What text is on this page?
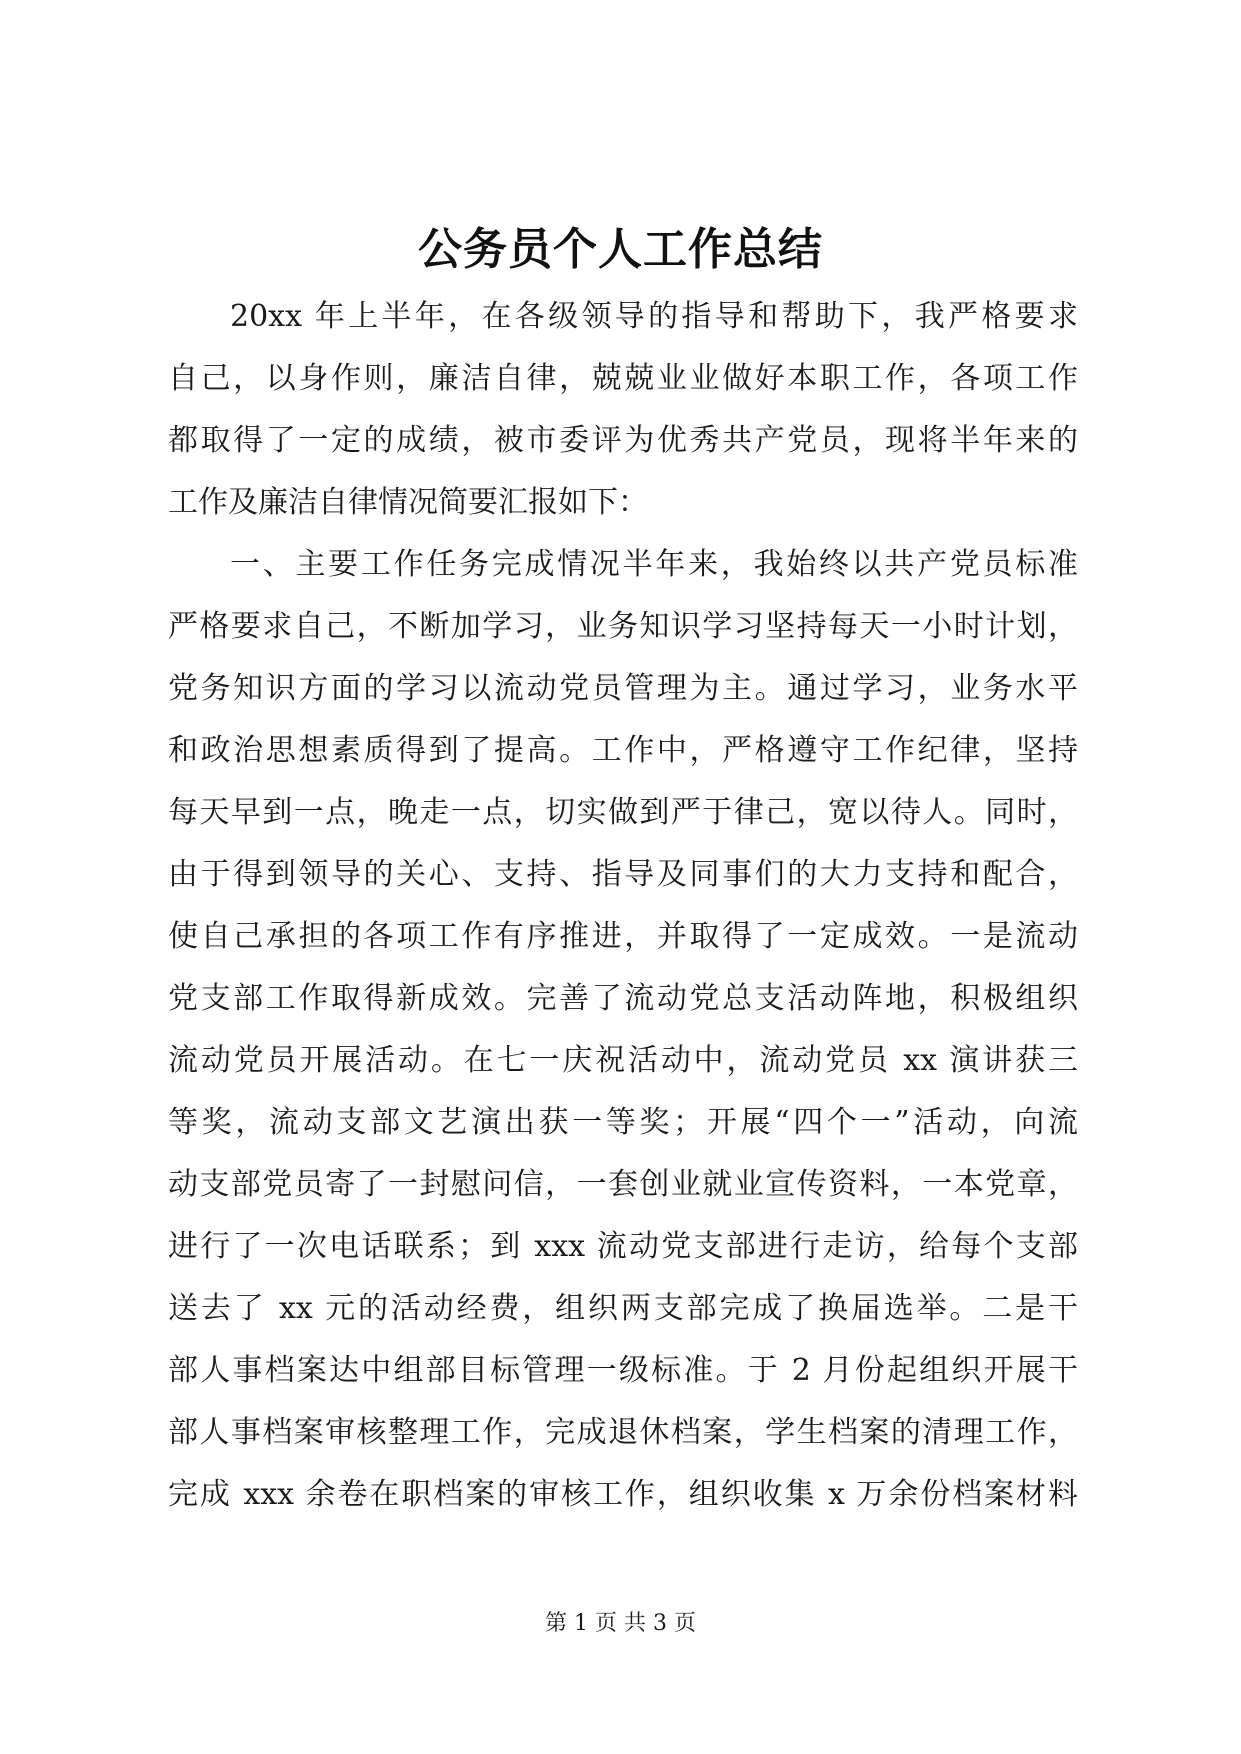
公务员个人工作总结
20xx 年上半年，在各级领导的指导和帮助下，我严格要求
自己，以身作则，廉洁自律，兢兢业业做好本职工作，各项工作
都取得了一定的成绩，被市委评为优秀共产党员，现将半年来的
工作及廉洁自律情况简要汇报如下：
一、主要工作任务完成情况半年来，我始终以共产党员标准
严格要求自己，不断加学习，业务知识学习坚持每天一小时计划，
党务知识方面的学习以流动党员管理为主。通过学习，业务水平
和政治思想素质得到了提高。工作中，严格遵守工作纪律，坚持
每天早到一点，晚走一点，切实做到严于律己，宽以待人。同时，
由于得到领导的关心、支持、指导及同事们的大力支持和配合，
使自己承担的各项工作有序推进，并取得了一定成效。一是流动
党支部工作取得新成效。完善了流动党总支活动阵地，积极组织
流动党员开展活动。在七一庆祝活动中，流动党员 xx 演讲获三
等奖，流动支部文艺演出获一等奖；开展“四个一”活动，向流
动支部党员寄了一封慰问信，一套创业就业宣传资料，一本党章，
进行了一次电话联系；到 xxx 流动党支部进行走访，给每个支部
送去了 xx 元的活动经费，组织两支部完成了换届选举。二是干
部人事档案达中组部目标管理一级标准。于 2 月份起组织开展干
部人事档案审核整理工作，完成退休档案，学生档案的清理工作，
完成 xxx 余卷在职档案的审核工作，组织收集 x 万余份档案材料
第 1 页 共 3 页
